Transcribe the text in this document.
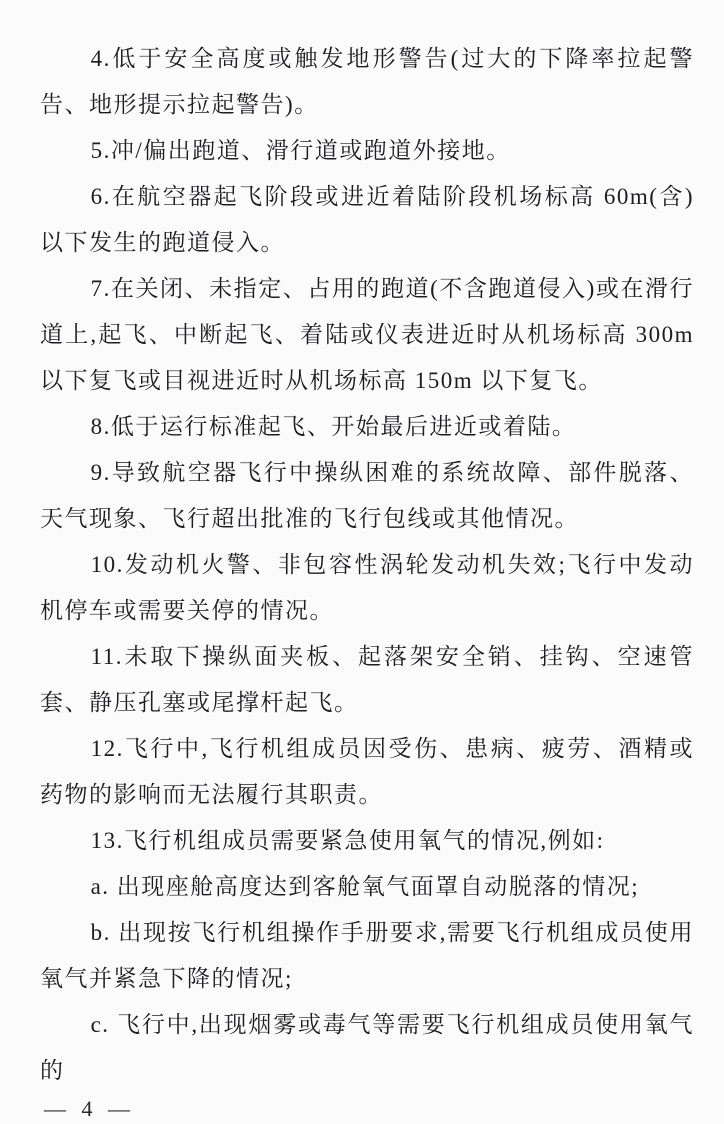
4.低于安全高度或触发地形警告(过大的下降率拉起警告、地形提示拉起警告)。

5.冲/偏出跑道、滑行道或跑道外接地。

6.在航空器起飞阶段或进近着陆阶段机场标高 60m(含)以下发生的跑道侵入。

7.在关闭、未指定、占用的跑道(不含跑道侵入)或在滑行道上,起飞、中断起飞、着陆或仪表进近时从机场标高 300m 以下复飞或目视进近时从机场标高 150m 以下复飞。

8.低于运行标准起飞、开始最后进近或着陆。

9.导致航空器飞行中操纵困难的系统故障、部件脱落、天气现象、飞行超出批准的飞行包线或其他情况。

10.发动机火警、非包容性涡轮发动机失效;飞行中发动机停车或需要关停的情况。

11.未取下操纵面夹板、起落架安全销、挂钩、空速管套、静压孔塞或尾撑杆起飞。

12.飞行中,飞行机组成员因受伤、患病、疲劳、酒精或药物的影响而无法履行其职责。

13.飞行机组成员需要紧急使用氧气的情况,例如:

a. 出现座舱高度达到客舱氧气面罩自动脱落的情况;

b. 出现按飞行机组操作手册要求,需要飞行机组成员使用氧气并紧急下降的情况;

c. 飞行中,出现烟雾或毒气等需要飞行机组成员使用氧气的

— 4 —
